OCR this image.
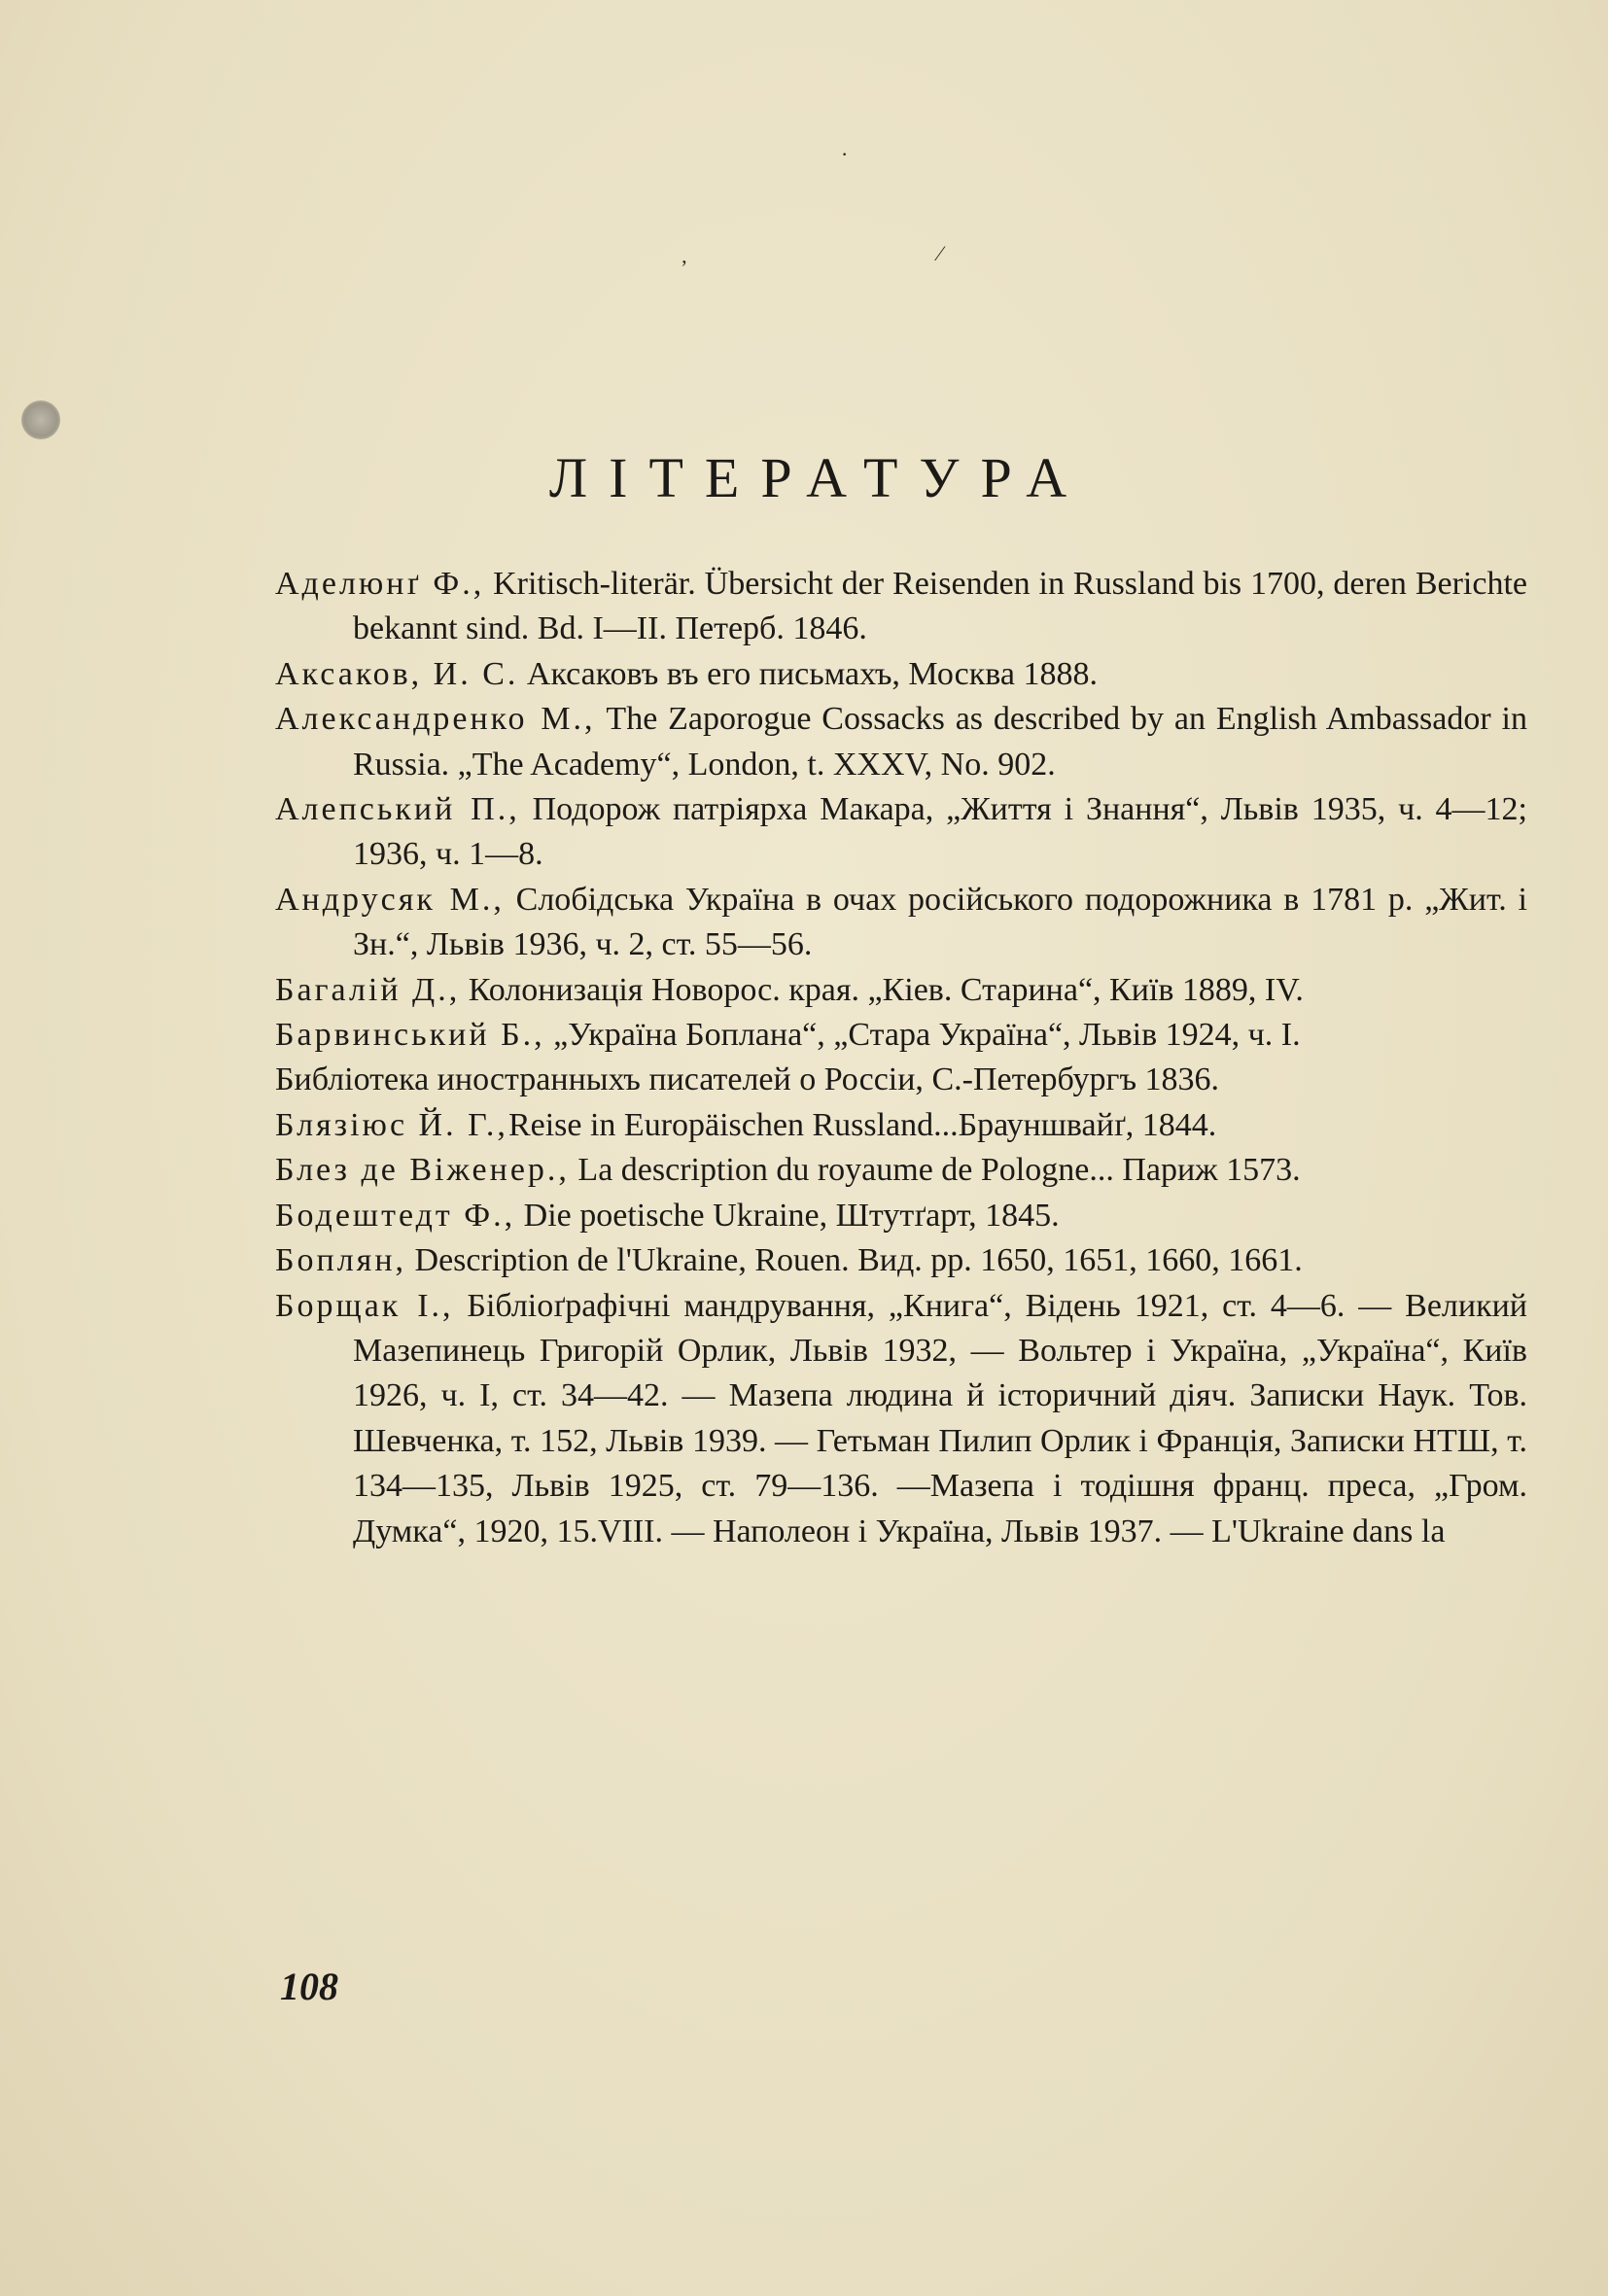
ʼ
⁄
·
ЛІТЕРАТУРА

Аделюнґ Ф., Kritisch-literär. Übersicht der Reisenden in Russland bis 1700, deren Berichte bekannt sind. Bd. I—II. Петерб. 1846.

Аксаков, И. С. Аксаковъ въ его письмахъ, Москва 1888.

Александренко М., The Zaporogue Cossacks as described by an English Ambassador in Russia. „The Academy“, London, t. XXXV, No. 902.

Алепський П., Подорож патріярха Макара, „Життя і Знання“, Львів 1935, ч. 4—12; 1936, ч. 1—8.

Андрусяк М., Слобідська Україна в очах російського подорожника в 1781 р. „Жит. і Зн.“, Львів 1936, ч. 2, ст. 55—56.

Багалій Д., Колонизація Новорос. края. „Кіев. Старина“, Київ 1889, IV.

Барвинський Б., „Україна Боплана“, „Стара Україна“, Львів 1924, ч. I.

Библіотека иностранныхъ писателей о Россіи, С.-Петербургъ 1836.

Блязіюс Й. Г.,Reise in Europäischen Russland...Брауншвайґ, 1844.

Блез де Віженер., La description du royaume de Pologne... Париж 1573.

Бодештедт Ф., Die poetische Ukraine, Штутґарт, 1845.

Боплян, Description de l'Ukraine, Rouen. Вид. рр. 1650, 1651, 1660, 1661.

Борщак I., Бібліоґрафічні мандрування, „Книга“, Відень 1921, ст. 4—6. — Великий Мазепинець Григорій Орлик, Львів 1932, — Вольтер і Україна, „Україна“, Київ 1926, ч. I, ст. 34—42. — Мазепа людина й історичний діяч. Записки Наук. Тов. Шевченка, т. 152, Львів 1939. — Гетьман Пилип Орлик і Франція, Записки НТШ, т. 134—135, Львів 1925, ст. 79—136. —Мазепа і тодішня франц. преса, „Гром. Думка“, 1920, 15.VIII. — Наполеон і Україна, Львів 1937. — L'Ukraine dans la

108
